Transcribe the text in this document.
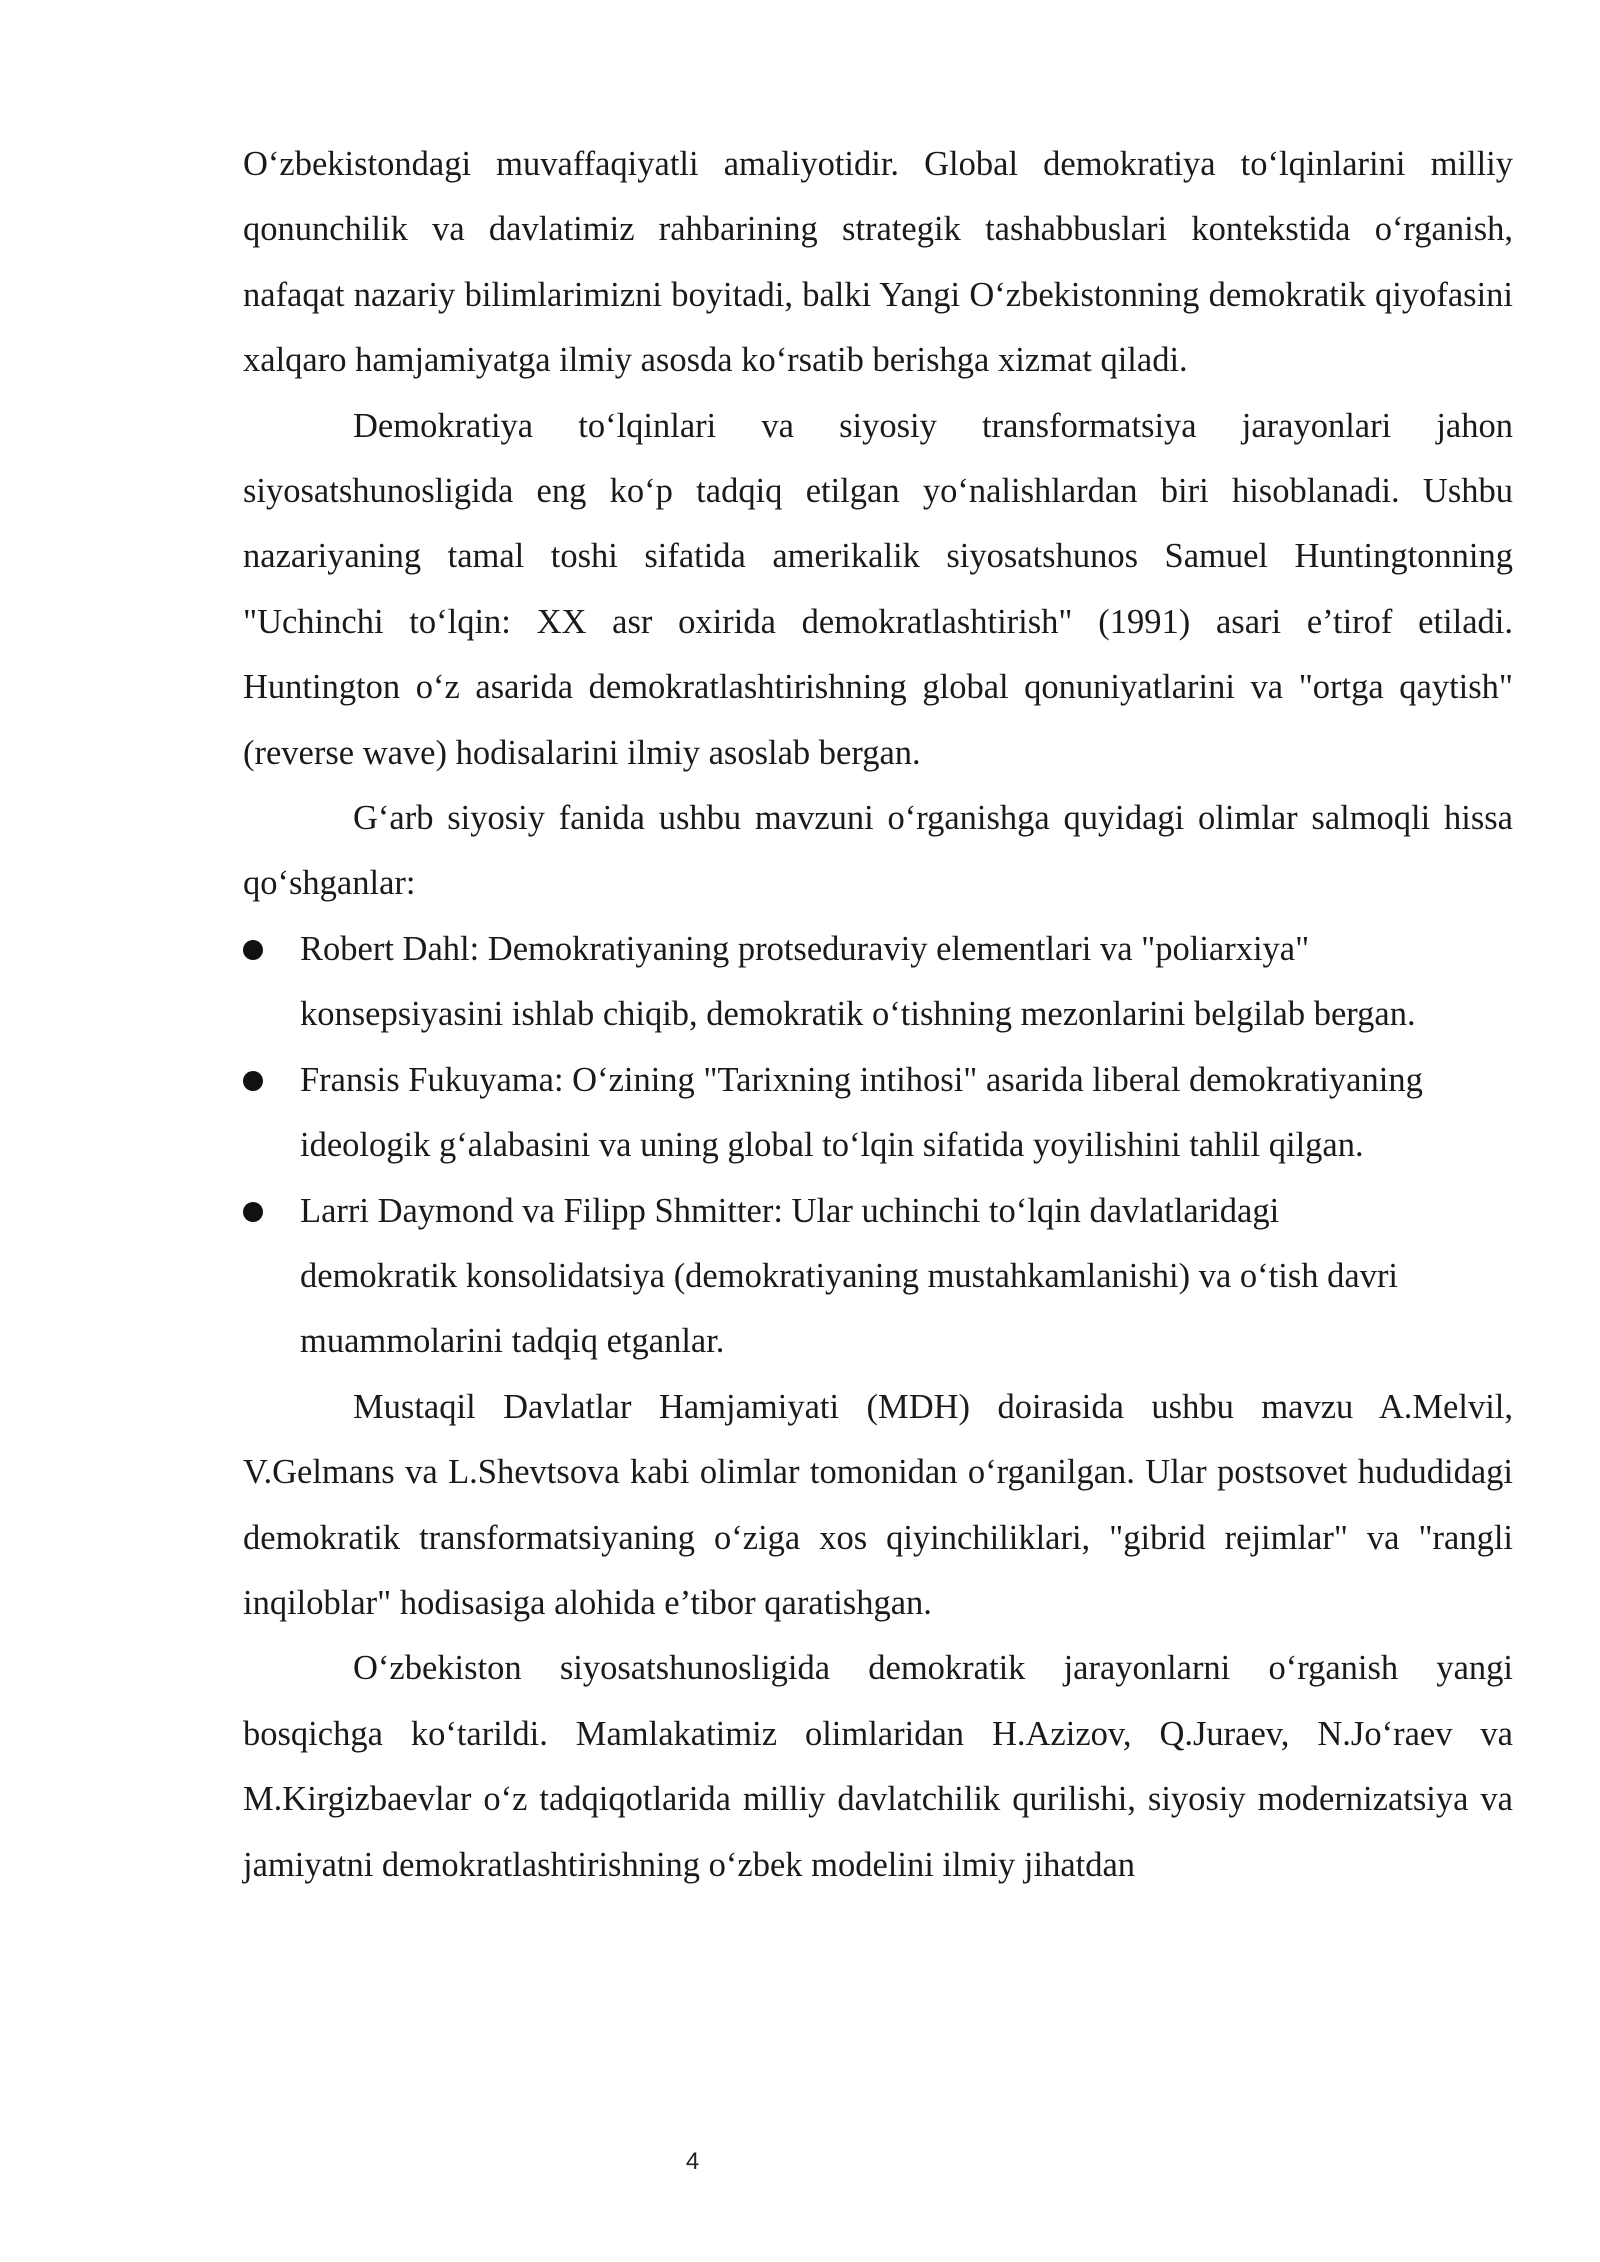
O‘zbekistondagi muvaffaqiyatli amaliyotidir. Global demokratiya to‘lqinlarini milliy qonunchilik va davlatimiz rahbarining strategik tashabbuslari kontekstida o‘rganish, nafaqat nazariy bilimlarimizni boyitadi, balki Yangi O‘zbekistonning demokratik qiyofasini xalqaro hamjamiyatga ilmiy asosda ko‘rsatib berishga xizmat qiladi.

Demokratiya to‘lqinlari va siyosiy transformatsiya jarayonlari jahon siyosatshunosligida eng ko‘p tadqiq etilgan yo‘nalishlardan biri hisoblanadi. Ushbu nazariyaning tamal toshi sifatida amerikalik siyosatshunos Samuel Huntingtonning "Uchinchi to‘lqin: XX asr oxirida demokratlashtirish" (1991) asari e’tirof etiladi. Huntington o‘z asarida demokratlashtirishning global qonuniyatlarini va "ortga qaytish" (reverse wave) hodisalarini ilmiy asoslab bergan.

G‘arb siyosiy fanida ushbu mavzuni o‘rganishga quyidagi olimlar salmoqli hissa qo‘shganlar:

Robert Dahl: Demokratiyaning protseduraviy elementlari va "poliarxiya" konsepsiyasini ishlab chiqib, demokratik o‘tishning mezonlarini belgilab bergan.
Fransis Fukuyama: O‘zining "Tarixning intihosi" asarida liberal demokratiyaning ideologik g‘alabasini va uning global to‘lqin sifatida yoyilishini tahlil qilgan.
Larri Daymond va Filipp Shmitter: Ular uchinchi to‘lqin davlatlaridagi demokratik konsolidatsiya (demokratiyaning mustahkamlanishi) va o‘tish davri muammolarini tadqiq etganlar.

Mustaqil Davlatlar Hamjamiyati (MDH) doirasida ushbu mavzu A.Melvil, V.Gelmans va L.Shevtsova kabi olimlar tomonidan o‘rganilgan. Ular postsovet hududidagi demokratik transformatsiyaning o‘ziga xos qiyinchiliklari, "gibrid rejimlar" va "rangli inqiloblar" hodisasiga alohida e’tibor qaratishgan.

O‘zbekiston siyosatshunosligida demokratik jarayonlarni o‘rganish yangi bosqichga ko‘tarildi. Mamlakatimiz olimlaridan H.Azizov, Q.Juraev, N.Jo‘raev va M.Kirgizbaevlar o‘z tadqiqotlarida milliy davlatchilik qurilishi, siyosiy modernizatsiya va jamiyatni demokratlashtirishning o‘zbek modelini ilmiy jihatdan

4
